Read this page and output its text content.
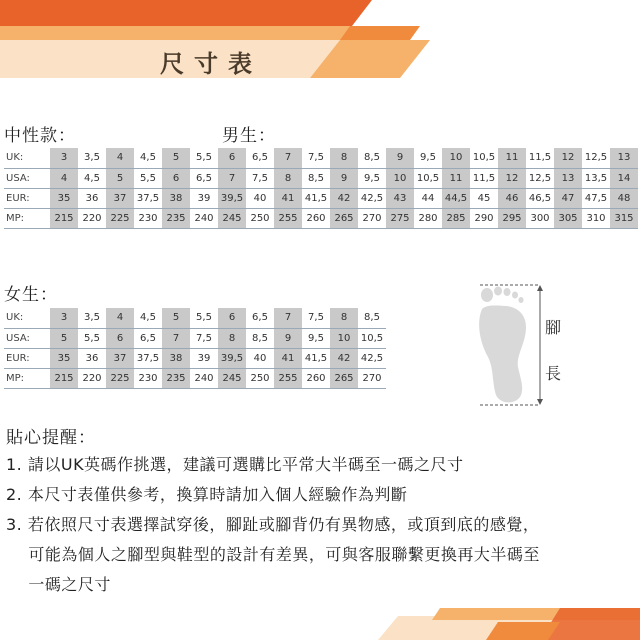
尺寸表
中性款：	男生：
UK:	3	3,5	4	4,5	5	5,5	6	6,5	7	7,5	8	8,5	9	9,5	10	10,5	11	11,5	12	12,5	13
USA:	4	4,5	5	5,5	6	6,5	7	7,5	8	8,5	9	9,5	10	10,5	11	11,5	12	12,5	13	13,5	14
EUR:	35	36	37	37,5	38	39	39,5	40	41	41,5	42	42,5	43	44	44,5	45	46	46,5	47	47,5	48
MP:	215	220	225	230	235	240	245	250	255	260	265	270	275	280	285	290	295	300	305	310	315
女生：
UK:	3	3,5	4	4,5	5	5,5	6	6,5	7	7,5	8	8,5
USA:	5	5,5	6	6,5	7	7,5	8	8,5	9	9,5	10	10,5
EUR:	35	36	37	37,5	38	39	39,5	40	41	41,5	42	42,5
MP:	215	220	225	230	235	240	245	250	255	260	265	270
腳
長
貼心提醒：
1. 請以UK英碼作挑選，建議可選購比平常大半碼至一碼之尺寸
2. 本尺寸表僅供參考，換算時請加入個人經驗作為判斷
3. 若依照尺寸表選擇試穿後，腳趾或腳背仍有異物感，或頂到底的感覺，
可能為個人之腳型與鞋型的設計有差異，可與客服聯繫更換再大半碼至
一碼之尺寸
